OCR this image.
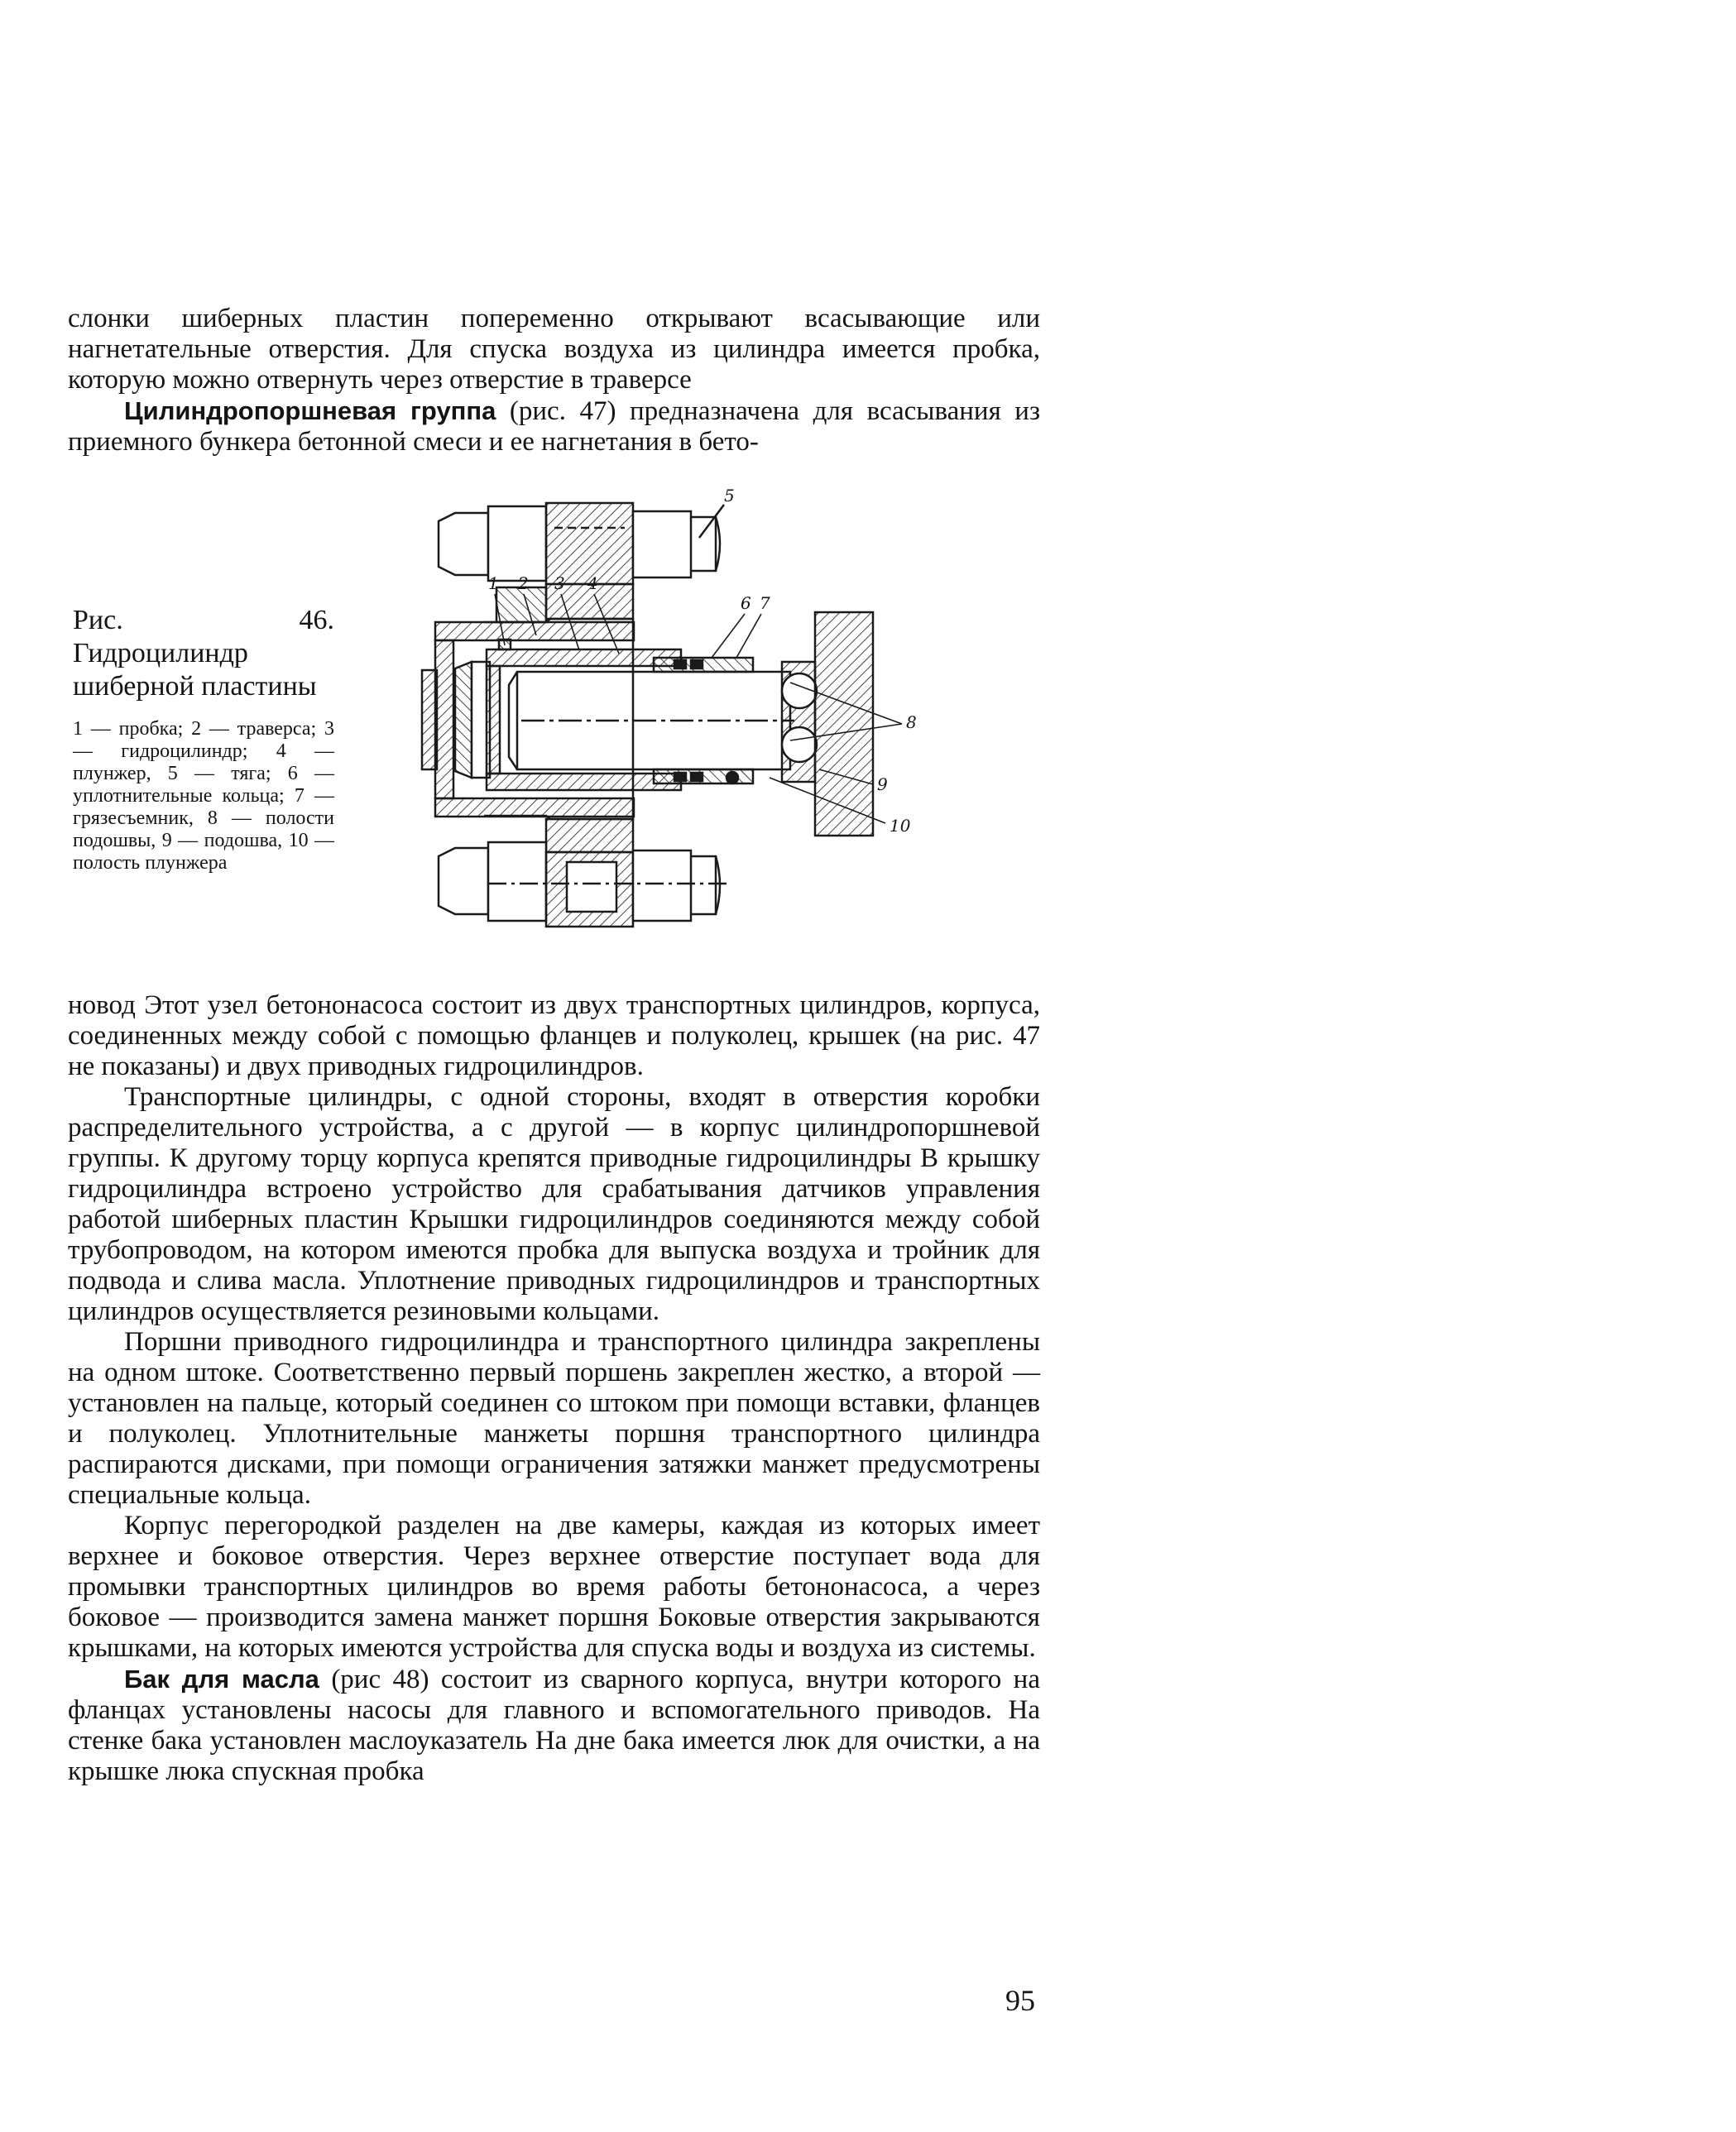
слонки шиберных пластин попеременно открывают всасывающие или нагнетательные отверстия. Для спуска воздуха из цилиндра имеется пробка, которую можно отвернуть через отверстие в траверсе

Цилиндропоршневая группа (рис. 47) предназначена для всасывания из приемного бункера бетонной смеси и ее нагнетания в бето-

Рис. 46. Гидроцилиндр шиберной пластины

1 — пробка; 2 — траверса; 3 — гидроцилиндр; 4 — плунжер, 5 — тяга; 6 — уплотнительные кольца; 7 — грязесъемник, 8 — полости подошвы, 9 — подошва, 10 — полость плунжера

1 2 3 4
5
6 7
8
9
10

новод Этот узел бетононасоса состоит из двух транспортных цилиндров, корпуса, соединенных между собой с помощью фланцев и полуколец, крышек (на рис. 47 не показаны) и двух приводных гидроцилиндров.

Транспортные цилиндры, с одной стороны, входят в отверстия коробки распределительного устройства, а с другой — в корпус цилиндропоршневой группы. К другому торцу корпуса крепятся приводные гидроцилиндры В крышку гидроцилиндра встроено устройство для срабатывания датчиков управления работой шиберных пластин Крышки гидроцилиндров соединяются между собой трубопроводом, на котором имеются пробка для выпуска воздуха и тройник для подвода и слива масла. Уплотнение приводных гидроцилиндров и транспортных цилиндров осуществляется резиновыми кольцами.

Поршни приводного гидроцилиндра и транспортного цилиндра закреплены на одном штоке. Соответственно первый поршень закреплен жестко, а второй — установлен на пальце, который соединен со штоком при помощи вставки, фланцев и полуколец. Уплотнительные манжеты поршня транспортного цилиндра распираются дисками, при помощи ограничения затяжки манжет предусмотрены специальные кольца.

Корпус перегородкой разделен на две камеры, каждая из которых имеет верхнее и боковое отверстия. Через верхнее отверстие поступает вода для промывки транспортных цилиндров во время работы бетононасоса, а через боковое — производится замена манжет поршня Боковые отверстия закрываются крышками, на которых имеются устройства для спуска воды и воздуха из системы.

Бак для масла (рис 48) состоит из сварного корпуса, внутри которого на фланцах установлены насосы для главного и вспомогательного приводов. На стенке бака установлен маслоуказатель На дне бака имеется люк для очистки, а на крышке люка спускная пробка

95
